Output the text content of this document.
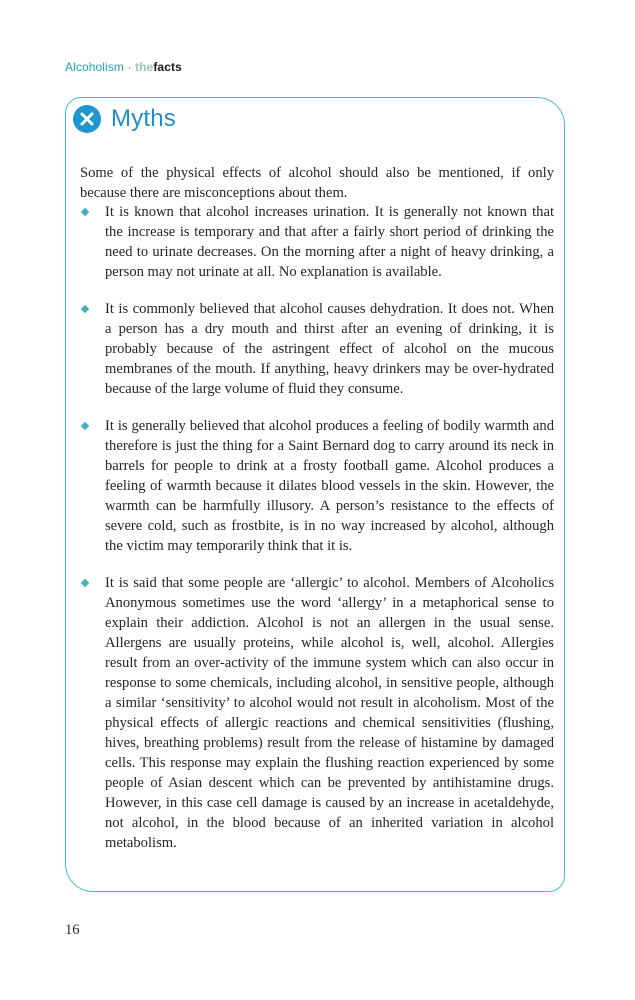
Alcoholism · thefacts
Myths

Some of the physical effects of alcohol should also be mentioned, if only because there are misconceptions about them.

It is known that alcohol increases urination. It is generally not known that the increase is temporary and that after a fairly short period of drinking the need to urinate decreases. On the morning after a night of heavy drinking, a person may not urinate at all. No explanation is available.
It is commonly believed that alcohol causes dehydration. It does not. When a person has a dry mouth and thirst after an evening of drinking, it is probably because of the astringent effect of alcohol on the mucous membranes of the mouth. If anything, heavy drinkers may be over-hydrated because of the large volume of fluid they consume.
It is generally believed that alcohol produces a feeling of bodily warmth and therefore is just the thing for a Saint Bernard dog to carry around its neck in barrels for people to drink at a frosty football game. Alcohol produces a feeling of warmth because it dilates blood vessels in the skin. However, the warmth can be harmfully illusory. A person’s resistance to the effects of severe cold, such as frostbite, is in no way increased by alcohol, although the victim may temporarily think that it is.
It is said that some people are ‘allergic’ to alcohol. Members of Alcoholics Anonymous sometimes use the word ‘allergy’ in a metaphorical sense to explain their addiction. Alcohol is not an allergen in the usual sense. Allergens are usually proteins, while alcohol is, well, alcohol. Allergies result from an over-activity of the immune system which can also occur in response to some chemicals, including alcohol, in sensitive people, although a similar ‘sensitivity’ to alcohol would not result in alcoholism. Most of the physical effects of allergic reactions and chemical sensitivities (flushing, hives, breathing problems) result from the release of histamine by damaged cells. This response may explain the flushing reaction experienced by some people of Asian descent which can be prevented by antihistamine drugs. However, in this case cell damage is caused by an increase in acetaldehyde, not alcohol, in the blood because of an inherited variation in alcohol metabolism.
16
